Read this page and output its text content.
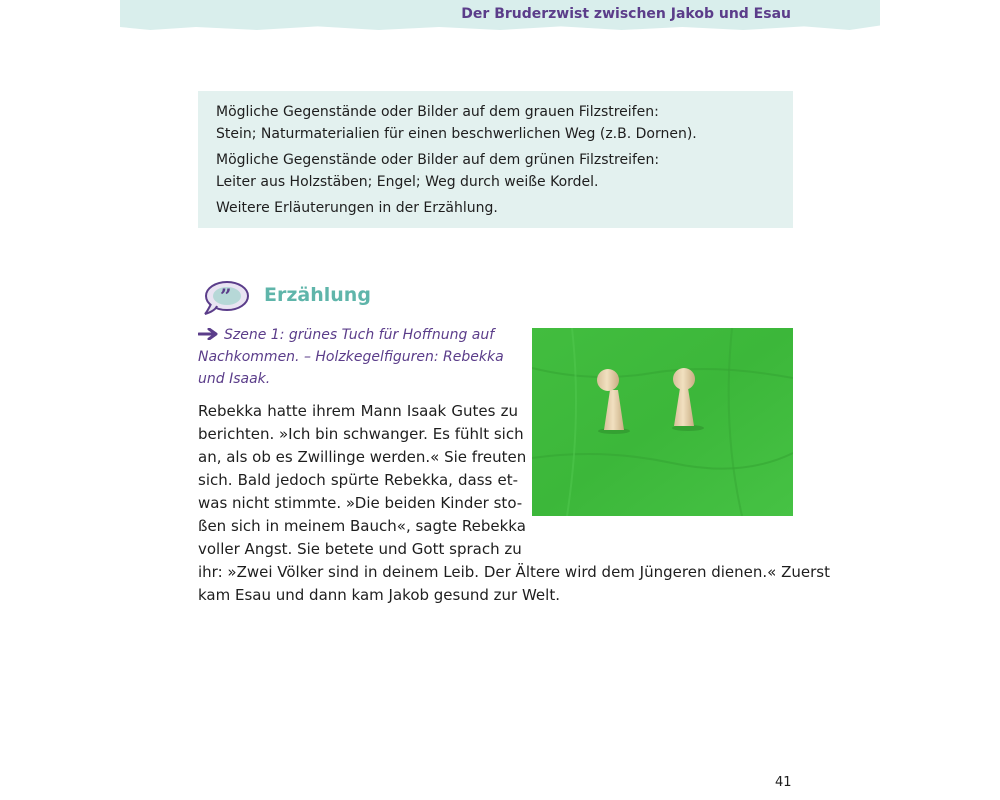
Der Bruderzwist zwischen Jakob und Esau

Mögliche Gegenstände oder Bilder auf dem grauen Filzstreifen:
Stein; Naturmaterialien für einen beschwerlichen Weg (z.B. Dornen).

Mögliche Gegenstände oder Bilder auf dem grünen Filzstreifen:
Leiter aus Holzstäben; Engel; Weg durch weiße Kordel.

Weitere Erläuterungen in der Erzählung.

” Erzählung
Szene 1: grünes Tuch für Hoffnung auf
Nachkommen. – Holzkegelfiguren: Rebekka
und Isaak.
Rebekka hatte ihrem Mann Isaak Gutes zu
berichten. »Ich bin schwanger. Es fühlt sich
an, als ob es Zwillinge werden.« Sie freuten
sich. Bald jedoch spürte Rebekka, dass et-
was nicht stimmte. »Die beiden Kinder sto-
ßen sich in meinem Bauch«, sagte Rebekka
voller Angst. Sie betete und Gott sprach zu
ihr: »Zwei Völker sind in deinem Leib. Der Ältere wird dem Jüngeren dienen.« Zuerst
kam Esau und dann kam Jakob gesund zur Welt.
41
